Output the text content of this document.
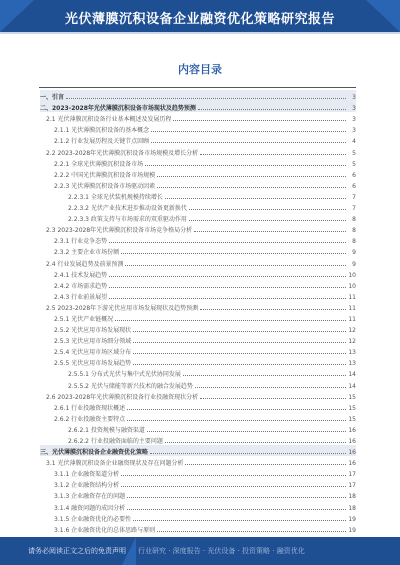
光伏薄膜沉积设备企业融资优化策略研究报告
内容目录
一、引言	3
二、2023-2028年光伏薄膜沉积设备市场现状及趋势预测	3
2.1 光伏薄膜沉积设备行业基本概述及发展历程	3
2.1.1 光伏薄膜沉积设备的基本概念	3
2.1.2 行业发展历程及关键节点回顾	4
2.2 2023-2028年光伏薄膜沉积设备市场规模及增长分析	5
2.2.1 全球光伏薄膜沉积设备市场	5
2.2.2 中国光伏薄膜沉积设备市场规模	6
2.2.3 光伏薄膜沉积设备市场驱动因素	6
2.2.3.1 全球光伏装机规模持续增长	7
2.2.3.2 光伏产业技术进步推动设备更新换代	7
2.2.3.3 政策支持与市场需求的双重驱动作用	8
2.3 2023-2028年光伏薄膜沉积设备市场竞争格局分析	8
2.3.1 行业竞争态势	8
2.3.2 主要企业市场份额	9
2.4 行业发展趋势及前景预测	9
2.4.1 技术发展趋势	10
2.4.2 市场需求趋势	10
2.4.3 行业前景展望	11
2.5 2023-2028年下游光伏应用市场发展现状及趋势预测	11
2.5.1 光伏产业链概况	11
2.5.2 光伏应用市场发展现状	12
2.5.3 光伏应用市场细分领域	12
2.5.4 光伏应用市场区域分布	13
2.5.5 光伏应用市场发展趋势	13
2.5.5.1 分布式光伏与集中式光伏协同发展	14
2.5.5.2 光伏与储能等新兴技术的融合发展趋势	14
2.6 2023-2028年光伏薄膜沉积设备行业投融资现状分析	15
2.6.1 行业投融资现状概述	15
2.6.2 行业投融资主要特点	15
2.6.2.1 投资规模与融资渠道	16
2.6.2.2 行业投融资面临的主要问题	16
三、光伏薄膜沉积设备企业融资优化策略	16
3.1 光伏薄膜沉积设备企业融资现状及存在问题分析	16
3.1.1 企业融资渠道分析	17
3.1.2 企业融资结构分析	17
3.1.3 企业融资存在的问题	18
3.1.4 融资问题的成因分析	18
3.1.5 企业融资优化的必要性	19
3.1.6 企业融资优化的总体思路与原则	19
请务必阅读正文之后的免责声明 行业研究 · 深度报告 · 光伏设备 · 投资策略 · 融资优化
